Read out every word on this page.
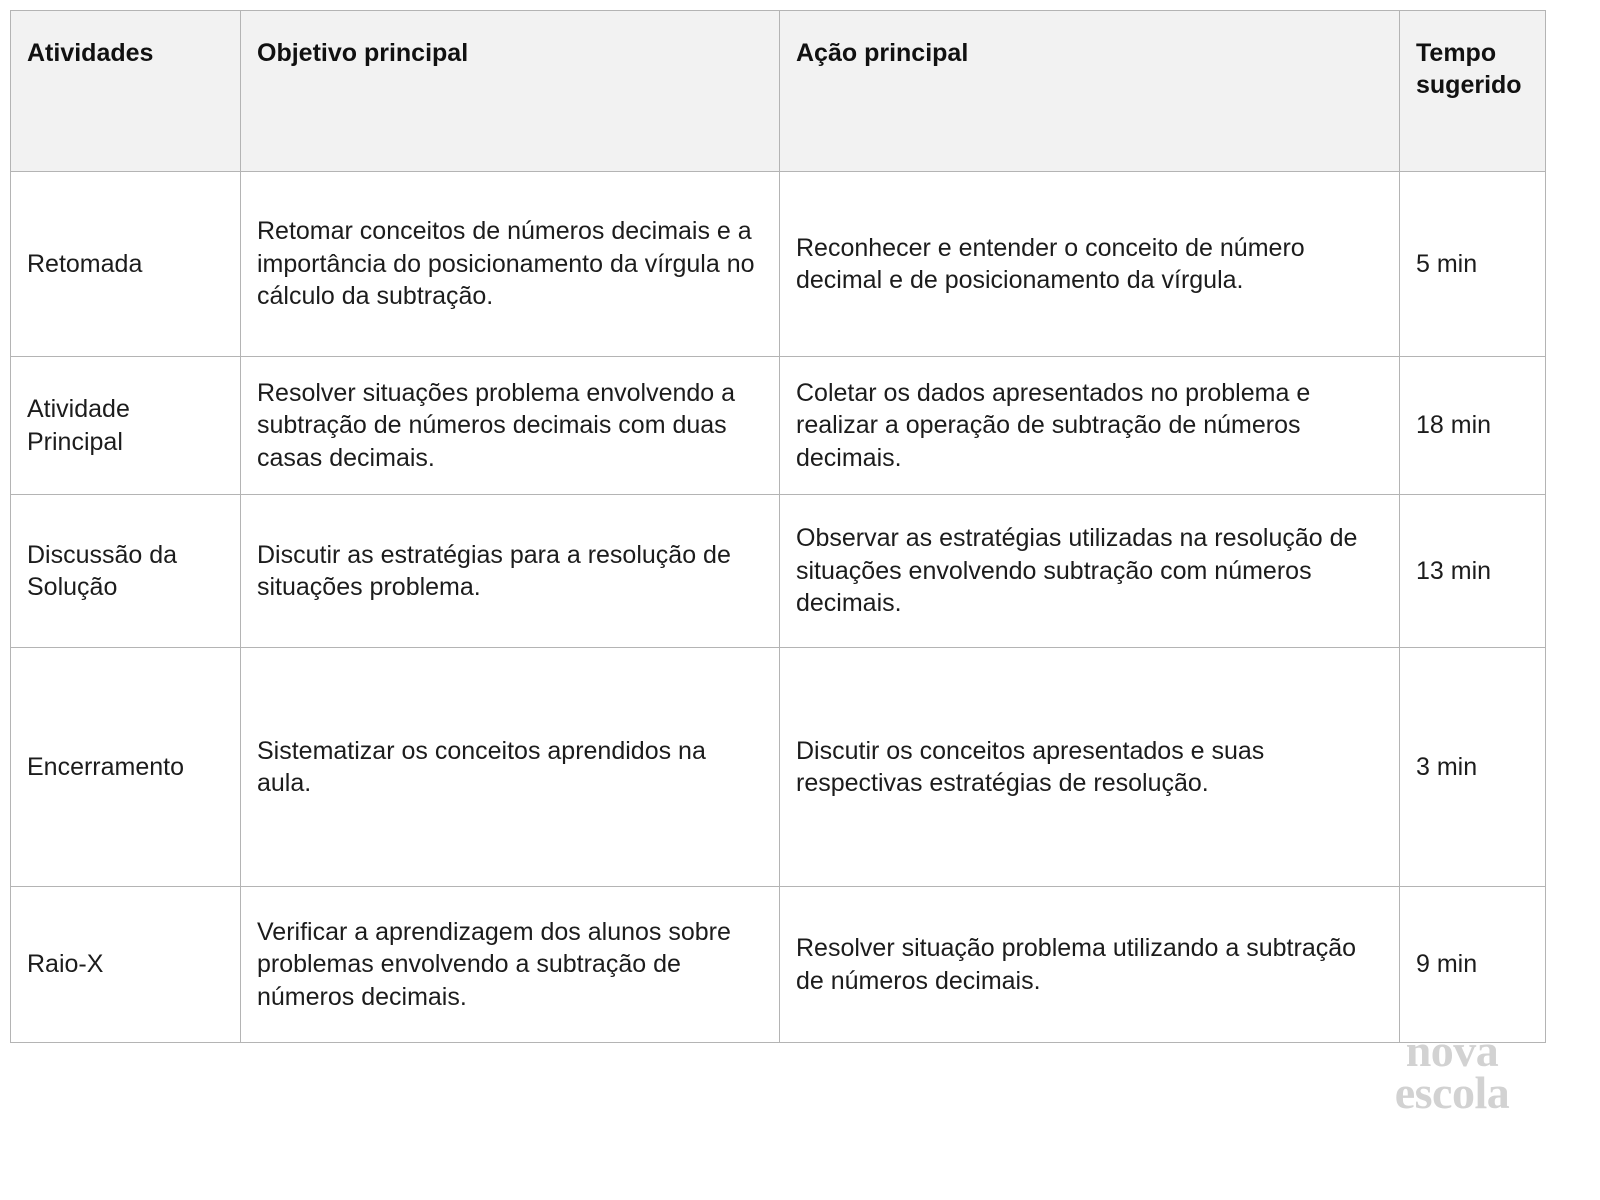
Atividades	Objetivo principal	Ação principal	Tempo sugerido
Retomada	Retomar conceitos de números decimais e a importância do posicionamento da vírgula no cálculo da subtração.	Reconhecer e entender o conceito de número decimal e de posicionamento da vírgula.	5 min
Atividade Principal	Resolver situações problema envolvendo a subtração de números decimais com duas casas decimais.	Coletar os dados apresentados no problema e realizar a operação de subtração de números decimais.	18 min
Discussão da Solução	Discutir as estratégias para a resolução de situações problema.	Observar as estratégias utilizadas na resolução de situações envolvendo subtração com números decimais.	13 min
Encerramento	Sistematizar os conceitos aprendidos na aula.	Discutir os conceitos apresentados e suas respectivas estratégias de resolução.	3 min
Raio-X	Verificar a aprendizagem dos alunos sobre problemas envolvendo a subtração de números decimais.	Resolver situação problema utilizando a subtração de números decimais.	9 min
nova
escola
